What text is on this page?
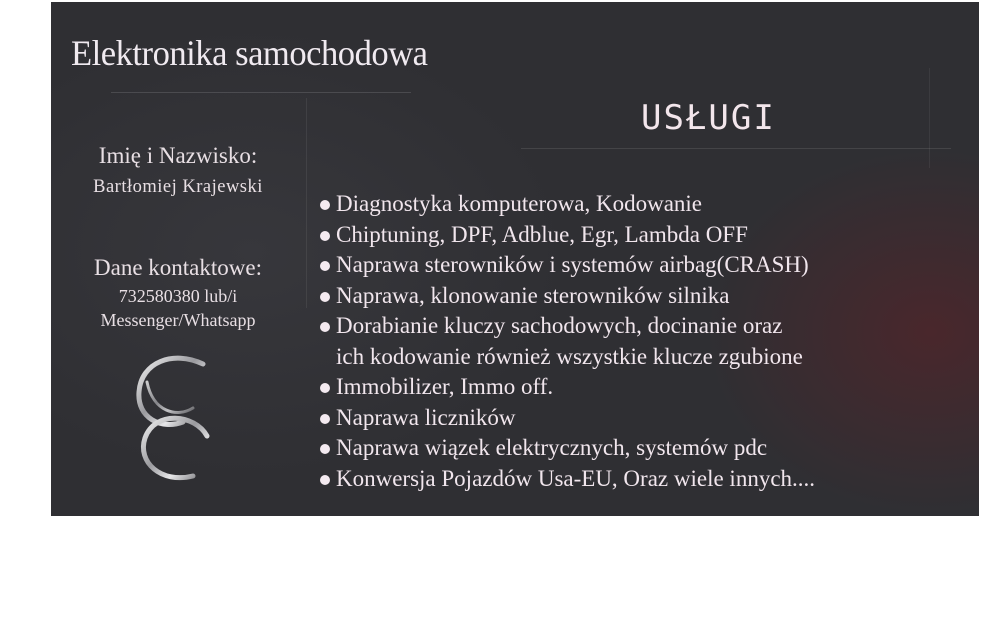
Elektronika samochodowa
USŁUGI
Imię i Nazwisko:
Bartłomiej Krajewski
Dane kontaktowe:
732580380 lub/i
Messenger/Whatsapp
Diagnostyka komputerowa, Kodowanie
Chiptuning, DPF, Adblue, Egr, Lambda OFF
Naprawa sterowników i systemów airbag(CRASH)
Naprawa, klonowanie sterowników silnika
Dorabianie kluczy sachodowych, docinanie oraz
ich kodowanie również wszystkie klucze zgubione
Immobilizer, Immo off.
Naprawa liczników
Naprawa wiązek elektrycznych, systemów pdc
Konwersja Pojazdów Usa-EU, Oraz wiele innych....
